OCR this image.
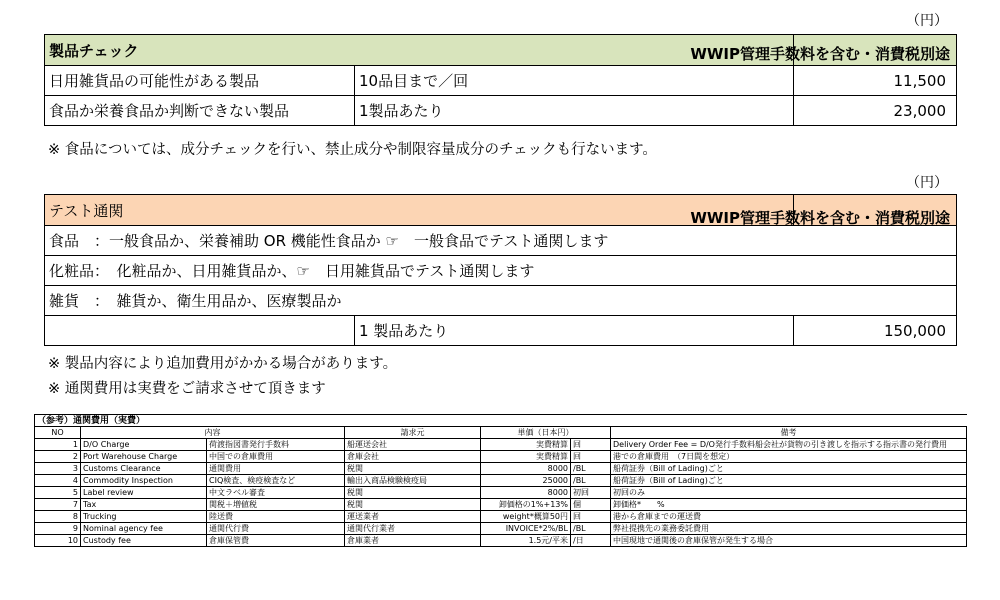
（円）
製品チェック		WWIP管理手数料を含む・消費税別途

日用雑貨品の可能性がある製品	10品目まで／回	11,500
食品か栄養食品か判断できない製品	1製品あたり	23,000
※ 食品については、成分チェックを行い、禁止成分や制限容量成分のチェックも行ないます。
（円）
テスト通関		WWIP管理手数料を含む・消費税別途

食品　：一般食品か、栄養補助 OR 機能性食品か ☞　一般食品でテスト通関します		
化粧品：　化粧品か、日用雑貨品か、☞　日用雑貨品でテスト通関します		
雑貨　：　雑貨か、衛生用品か、医療製品か		
	1 製品あたり	150,000
※ 製品内容により追加費用がかかる場合があります。
※ 通関費用は実費をご請求させて頂きます
（参考）通関費用（実費）						
NO	内容		請求元	単価（日本円）		備考
1	D/O Charge	荷渡指図書発行手数料	船運送会社	実費精算	回	Delivery Order Fee = D/O発行手数料船会社が貨物の引き渡しを指示する指示書の発行費用
2	Port Warehouse Charge	中国での倉庫費用	倉庫会社	実費精算	回	港での倉庫費用　（7日間を想定）
3	Customs Clearance	通関費用	税関	8000	/BL	船荷証券（Bill of Lading)ごと
4	Commodity Inspection	CIQ検査、検疫検査など	輸出入商品検験検疫局	25000	/BL	船荷証券（Bill of Lading)ごと
5	Label review	中文ラベル審査	税関	8000	初回	初回のみ
7	Tax	関税＋増値税	税関	卸価格の1%+13%	個	卸価格*　　%
8	Trucking	陸送費	運送業者	weight*概算50円	回	港から倉庫までの運送費
9	Nominal agency fee	通関代行費	通関代行業者	INVOICE*2%/BL	/BL	弊社提携先の業務委託費用
10	Custody fee	倉庫保管費	倉庫業者	1.5元/平米	/日	中国現地で通関後の倉庫保管が発生する場合
